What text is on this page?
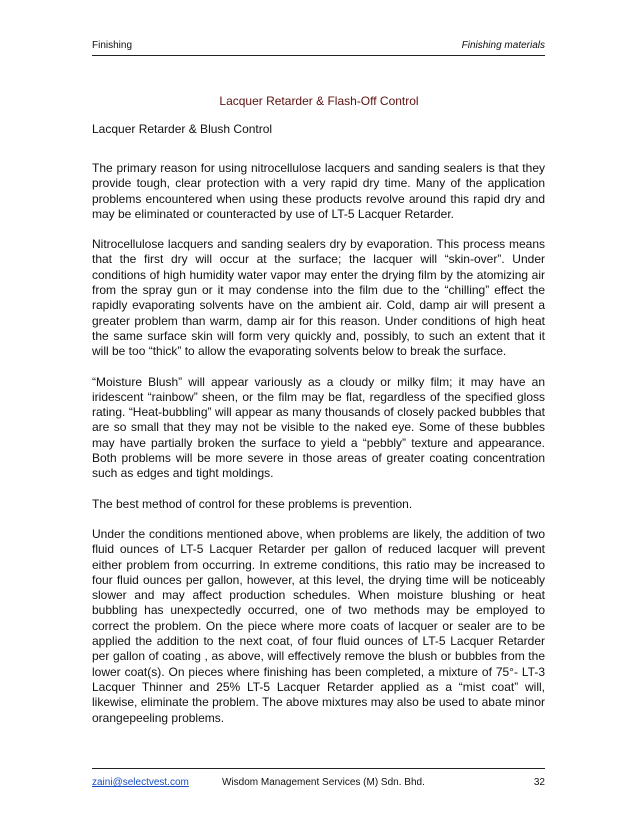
Finishing	Finishing materials
Lacquer Retarder & Flash-Off Control
Lacquer Retarder & Blush Control

The primary reason for using nitrocellulose lacquers and sanding sealers is that they provide tough, clear protection with a very rapid dry time. Many of the application problems encountered when using these products revolve around this rapid dry and may be eliminated or counteracted by use of LT-5 Lacquer Retarder.

Nitrocellulose lacquers and sanding sealers dry by evaporation. This process means that the first dry will occur at the surface; the lacquer will “skin-over”. Under conditions of high humidity water vapor may enter the drying film by the atomizing air from the spray gun or it may condense into the film due to the “chilling” effect the rapidly evaporating solvents have on the ambient air. Cold, damp air will present a greater problem than warm, damp air for this reason. Under conditions of high heat the same surface skin will form very quickly and, possibly, to such an extent that it will be too “thick” to allow the evaporating solvents below to break the surface.

“Moisture Blush” will appear variously as a cloudy or milky film; it may have an iridescent “rainbow” sheen, or the film may be flat, regardless of the specified gloss rating. “Heat-bubbling” will appear as many thousands of closely packed bubbles that are so small that they may not be visible to the naked eye. Some of these bubbles may have partially broken the surface to yield a “pebbly” texture and appearance. Both problems will be more severe in those areas of greater coating concentration such as edges and tight moldings.

The best method of control for these problems is prevention.

Under the conditions mentioned above, when problems are likely, the addition of two fluid ounces of LT-5 Lacquer Retarder per gallon of reduced lacquer will prevent either problem from occurring. In extreme conditions, this ratio may be increased to four fluid ounces per gallon, however, at this level, the drying time will be noticeably slower and may affect production schedules. When moisture blushing or heat bubbling has unexpectedly occurred, one of two methods may be employed to correct the problem. On the piece where more coats of lacquer or sealer are to be applied the addition to the next coat, of four fluid ounces of LT-5 Lacquer Retarder per gallon of coating , as above, will effectively remove the blush or bubbles from the lower coat(s). On pieces where finishing has been completed, a mixture of 75°- LT-3 Lacquer Thinner and 25% LT-5 Lacquer Retarder applied as a “mist coat” will, likewise, eliminate the problem. The above mixtures may also be used to abate minor orangepeeling problems.

zaini@selectvest.com	Wisdom Management Services (M) Sdn. Bhd.	32
